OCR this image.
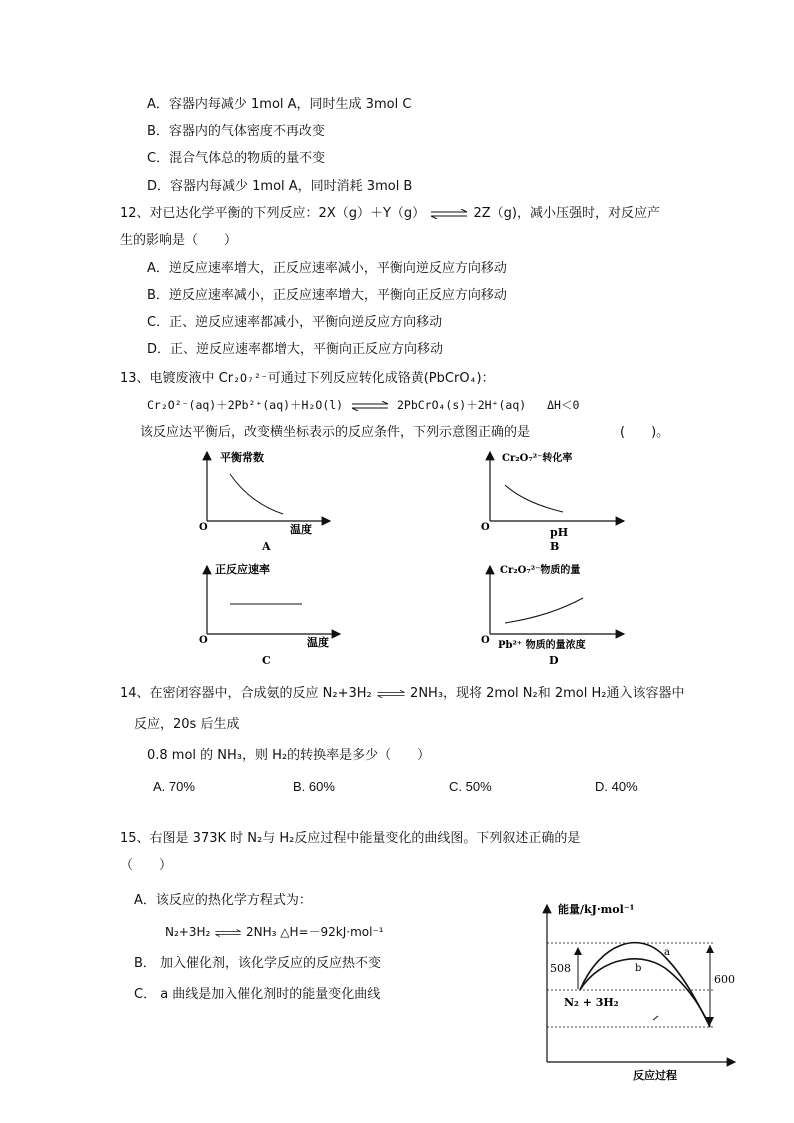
A．容器内每减少 1mol A，同时生成 3mol C
B．容器内的气体密度不再改变
C．混合气体总的物质的量不变
D．容器内每减少 1mol A，同时消耗 3mol B
12、对已达化学平衡的下列反应：2X（g）＋Y（g） ⇌ 2Z（g)，减小压强时，对反应产
生的影响是（　　）
A．逆反应速率增大，正反应速率减小，平衡向逆反应方向移动
B．逆反应速率减小，正反应速率增大，平衡向正反应方向移动
C．正、逆反应速率都减小，平衡向逆反应方向移动
D．正、逆反应速率都增大，平衡向正反应方向移动
13、电镀废液中 Cr₂O₇²⁻可通过下列反应转化成铬黄(PbCrO₄)：
Cr₂O²⁻(aq)＋2Pb²⁺(aq)＋H₂O(l) ⇌ 2PbCrO₄(s)＋2H⁺(aq) ΔH＜0
该反应达平衡后，改变横坐标表示的反应条件，下列示意图正确的是	(　　)。
平衡常数
温度
O
A
Cr₂O₇²⁻转化率
pH
O
B
正反应速率
温度
O
C
Cr₂O₇²⁻物质的量
Pb²⁺ 物质的量浓度
O
D
14、在密闭容器中，合成氨的反应 N₂+3H₂ ⇌ 2NH₃，现将 2mol N₂和 2mol H₂通入该容器中
反应，20s 后生成
0.8 mol 的 NH₃，则 H₂的转换率是多少（　　）
A. 70%	B. 60%	C. 50%	D. 40%
15、右图是 373K 时 N₂与 H₂反应过程中能量变化的曲线图。下列叙述正确的是
（　　）
A．该反应的热化学方程式为：
N₂+3H₂ ⇌ 2NH₃ △H=－92kJ·mol⁻¹
B． 加入催化剂，该化学反应的反应热不变
C． a 曲线是加入催化剂时的能量变化曲线
能量/kJ·mol⁻¹
反应过程
a
b
508
600
N₂ + 3H₂
